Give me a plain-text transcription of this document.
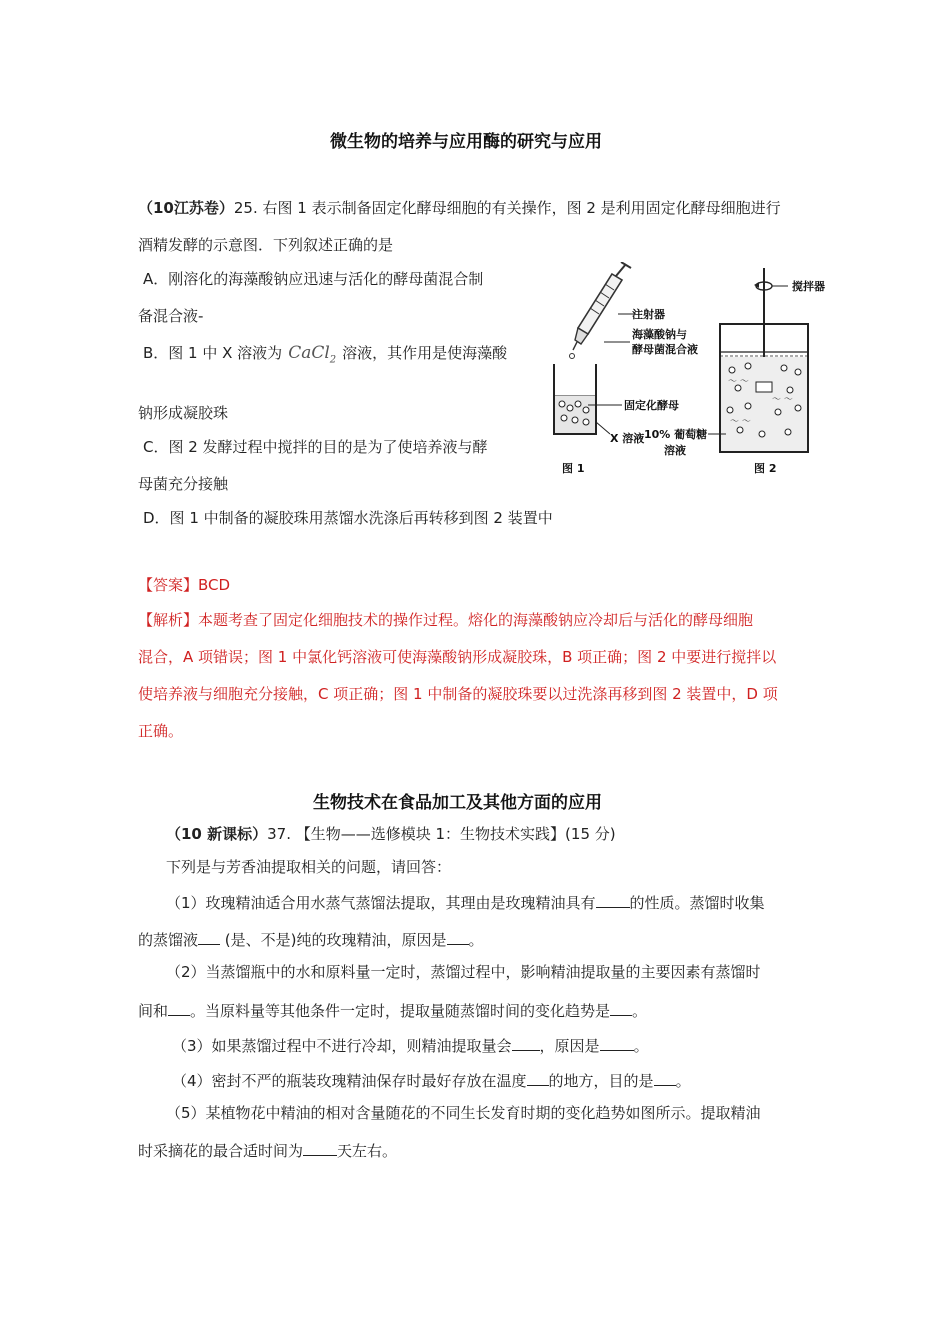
微生物的培养与应用酶的研究与应用
（10江苏卷）25. 右图 1 表示制备固定化酵母细胞的有关操作，图 2 是利用固定化酵母细胞进行
酒精发酵的示意图．下列叙述正确的是
A．刚溶化的海藻酸钠应迅速与活化的酵母菌混合制
备混合液-
B．图 1 中 X 溶液为 CaCl$_2$ 溶液，其作用是使海藻酸
钠形成凝胶珠
C．图 2 发酵过程中搅拌的目的是为了使培养液与酵
母菌充分接触
D．图 1 中制备的凝胶珠用蒸馏水洗涤后再转移到图 2 装置中
注射器
海藻酸钠与
酵母菌混合液
固定化酵母
X 溶液
图 1
〜 〜
〜 〜
〜 〜
搅拌器
10% 葡萄糖
溶液
图 2
【答案】BCD
【解析】本题考查了固定化细胞技术的操作过程。熔化的海藻酸钠应冷却后与活化的酵母细胞
混合，A 项错误；图 1 中氯化钙溶液可使海藻酸钠形成凝胶珠，B 项正确；图 2 中要进行搅拌以
使培养液与细胞充分接触，C 项正确；图 1 中制备的凝胶珠要以过洗涤再移到图 2 装置中，D 项
正确。
生物技术在食品加工及其他方面的应用
（10 新课标）37. 【生物——选修模块 1：生物技术实践】(15 分)
下列是与芳香油提取相关的问题，请回答：
（1）玫瑰精油适合用水蒸气蒸馏法提取，其理由是玫瑰精油具有 的性质。蒸馏时收集
的蒸馏液 (是、不是)纯的玫瑰精油，原因是 。
（2）当蒸馏瓶中的水和原料量一定时，蒸馏过程中，影响精油提取量的主要因素有蒸馏时
间和 。当原料量等其他条件一定时，提取量随蒸馏时间的变化趋势是 。
（3）如果蒸馏过程中不进行冷却，则精油提取量会 ，原因是 。
（4）密封不严的瓶装玫瑰精油保存时最好存放在温度 的地方，目的是 。
（5）某植物花中精油的相对含量随花的不同生长发育时期的变化趋势如图所示。提取精油
时采摘花的最合适时间为 天左右。
